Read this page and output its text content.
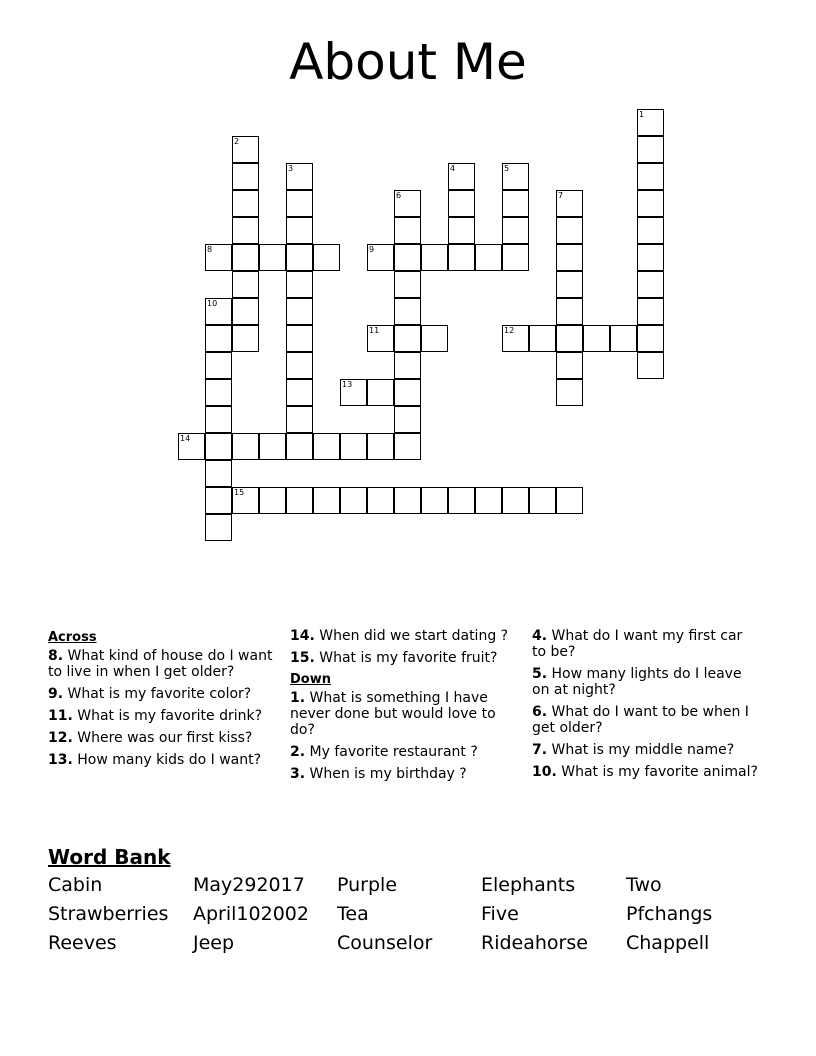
About Me
1
2
3	4	5
6	7
8	9
10
11	12
13
14
15
Across
8. What kind of house do I want to live in when I get older?
9. What is my favorite color?
11. What is my favorite drink?
12. Where was our first kiss?
13. How many kids do I want?
14. When did we start dating ?
15. What is my favorite fruit?
Down
1. What is something I have never done but would love to do?
2. My favorite restaurant ?
3. When is my birthday ?
4. What do I want my first car to be?
5. How many lights do I leave on at night?
6. What do I want to be when I get older?
7. What is my middle name?
10. What is my favorite animal?
Word Bank
Cabin	May292017	Purple	Elephants	Two
Strawberries	April102002	Tea	Five	Pfchangs
Reeves	Jeep	Counselor	Rideahorse	Chappell
